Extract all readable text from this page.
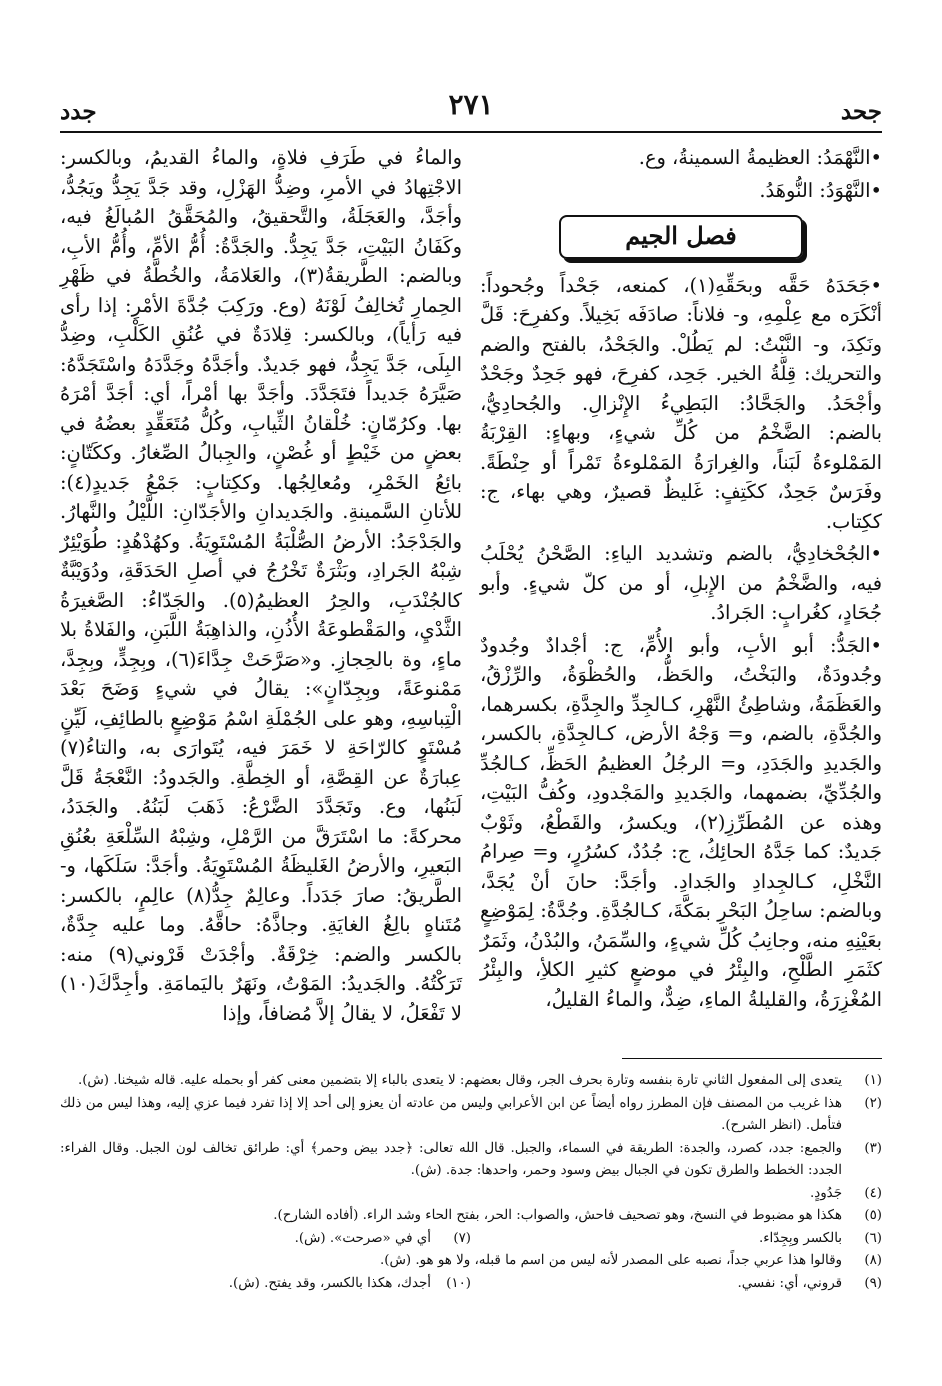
جحد
٢٧١
جدد
•النَّهْمَدُ: العظيمةُ السمينةُ، وع.
•النَّهْوَدُ: النُّوهَدُ.
فصل الجيم
•جَحَدَهُ حَقَّه وبحَقِّهِ(١)، كمنعه، جَحْداً وجُحوداً: أنْكَرَه مع عِلْمِهِ، و- فلاناً: صادَفَه بَخِيلاً. وكفرِحَ: قَلَّ ونَكِدَ، و- النَّبْتُ: لم يَطُلْ. والجَحْدُ، بالفتح والضم والتحريك: قِلَّةُ الخير. جَحِد، كفرِحَ، فهو جَحِدٌ وجَحْدٌ وأجْحَدُ. والجَحَّادُ: البَطِيءُ الإِنْزالِ. والجُحادِيُّ، بالضم: الضَّخْمُ من كُلِّ شيءٍ، وبهاءٍ: القِرْبَةُ المَمْلوءةُ لَبَناً، والغِرارَةُ المَمْلوءةُ تَمْراً أو حِنْطَةً. وفَرَسٌ جَحِدٌ، ككَتِفٍ: غَليظٌ قصيرٌ، وهي بهاء، ج: ككِتاب.
•الجُحْخادِيُّ، بالضم وتشديد الياءِ: الصَّحْنُ يُحْلَبُ فيه، والضَّخْمُ من الإِبلِ، أو من كلّ شيءٍ. وأبو جُحَادٍ، كغُرابٍ: الجَرادُ.
•الجَدُّ: أبو الأبِ، وأبو الأُمِّ، ج: أجْدادٌ وجُدودٌ وجُدودَةٌ، والبَخْتُ، والحَظُّ، والحُظْوَةُ، والرِّزْقُ، والعَظَمَةُ، وشاطِئُ النَّهْرِ، كـالجِدِّ والجِدَّةِ، بكسرهما، والجُدَّةِ، بالضم، و= وَجْهُ الأرض، كـالجِدَّةِ، بالكسر، والجَديدِ والجَدَدِ، و= الرجُلُ العظيمُ الحَظِّ، كـالجُدِّ والجُدِّيِّ، بضمهما، والجَديدِ والمَجْدودِ، وكُفُّ البَيْتِ، وهذه عن المُطَرِّزِ(٢)، ويكسرُ، والقَطْعُ، وثَوْبٌ جَديدٌ: كما جَدَّهُ الحائِكُ، ج: جُدُدٌ، كسُرُرٍ، و= صِرامُ النَّخْلِ، كـالجِدادِ والجَدادِ. وأجَدَّ: حانَ أنْ يُجَدَّ، وبالضم: ساحِلُ البَحْرِ بمَكَّةَ، كـالجُدَّةِ. وجُدَّةُ: لِمَوْضِعٍ بعَيْنِهِ منه، وجانِبُ كُلِّ شيءٍ، والسِّمَنُ، والبُدْنُ، وثَمَرٌ كثَمَرِ الطَّلْحِ، والبِئْرُ في موضعٍ كثيرِ الكلأِ، والبِئْرُ المُغْزِرَةُ، والقليلةُ الماءِ، ضِدٌّ، والماءُ القليلُ،
والماءُ في طَرَفِ فلاةٍ، والماءُ القديمُ، وبالكسر: الاجْتِهادُ في الأمرِ، وضِدُّ الهَزْلِ، وقد جَدَّ يَجِدُّ ويَجُدُّ، وأجَدَّ، والعَجَلَةُ، والتَّحقيقُ، والمُحَقَّقُ المُبالَغُ فيه، وكَفَانُ البَيْتِ، جَدَّ يَجِدُّ. والجَدَّةُ: أُمُّ الأمِّ، وأُمُّ الأبِ، وبالضم: الطَّريقةُ(٣)، والعَلامَةُ، والخُطَّةُ في ظَهْرِ الحِمارِ تُخالِفُ لَوْنَهُ (وع. ورَكِبَ جُدَّةَ الأمْرِ: إذا رأى فيه رَأياً)، وبالكسر: قِلادَةٌ في عُنُقِ الكَلْبِ، وضِدُّ البِلَى، جَدَّ يَجِدُّ، فهو جَديدٌ. وأجَدَّهُ وجَدَّدَهُ واسْتَجَدَّهُ: صَيَّرَهُ جَديداً فتَجَدَّدَ. وأجَدَّ بها أمْراً، أي: أجَدَّ أمْرَهُ بها. وكرُمّانٍ: خُلْقانُ الثِّيابِ، وكُلُّ مُتَعَقِّدٍ بعضُهُ في بعضٍ من خَيْطٍ أو غُصْنٍ، والجِبالُ الصِّغارُ. وككَتّانٍ: بائِعُ الخَمْرِ، ومُعالِجُها. وككِتابٍ: جَمْعُ جَديدٍ(٤): للأتانِ السَّمينةِ. والجَديدانِ والأجَدّانِ: اللَّيْلُ والنَّهارُ. والجَدْجَدُ: الأرضُ الصُّلْبَةُ المُسْتَوِيَةُ. وكهُدْهُدٍ: طُوَيْئِرٌ شِبْهُ الجَرادِ، وبَثْرَةٌ تَخْرُجُ في أصلِ الحَدَقَةِ، ودُوَيْبَّةٌ كالجُنْدَبِ، والحِرُ العظيمُ(٥). والجَدّاءُ: الصَّغيرَةُ الثَّدْيِ، والمَقْطوعَةُ الأُذُنِ، والذاهِبَةُ اللَّبَنِ، والفَلاةُ بلا ماءٍ، وة بالحِجازِ. و«صَرَّحَتْ جِدَّاءَ(٦)، وبِجِدٍّ، وبِجِدَّ، مَمْنوعَةً، وبِجِدّانٍ»: يقالُ في شيءٍ وَضَحَ بَعْدَ الْتِباسِهِ، وهو على الجُمْلَةِ اسْمُ مَوْضِعٍ بالطائِفِ، لَيِّنٍ مُسْتَوٍ كالرّاحَةِ لا خَمَرَ فيه، يُتَوارَى به، والتاءُ(٧) عِبارَةٌ عن القِصَّةِ، أو الخِطَّةِ. والجَدودُ: النَّعْجَةُ قَلَّ لَبَنُها، وع. وتَجَدَّدَ الضَّرْعُ: ذَهَبَ لَبَنُهُ. والجَدَدُ، محركةً: ما اسْتَرَقَّ من الرَّمْلِ، وشِبْهُ السِّلْعَةِ بعُنُقِ البَعيرِ، والأرضُ الغَليظَةُ المُسْتَوِيَةُ. وأجَدَّ: سَلَكَها، و- الطَّريقُ: صارَ جَدَداً. وعالِمٌ جِدُّ(٨) عالِمٍ، بالكسر: مُتَناهٍ بالِغُ الغايَةِ. وجاذَّهُ: حاقَّهُ. وما عليه جِدَّةٌ، بالكسر والضم: خِرْقَةٌ. وأجْدَتْ قَرْوني(٩) منه: تَرَكْتُهُ. والجَديدُ: المَوْتُ، ونَهَرٌ باليَمامَةِ. وأجِدَّكَ(١٠) لا تَفْعَلُ، لا يقالُ إلاَّ مُضافاً، وإذا
(١)
يتعدى إلى المفعول الثاني تارة بنفسه وتارة بحرف الجر، وقال بعضهم: لا يتعدى بالباء إلا بتضمين معنى كفر أو بحمله عليه. قاله شيخنا. (ش).
(٢)
هذا غريب من المصنف فإن المطرز رواه أيضاً عن ابن الأعرابي وليس من عادته أن يعزو إلى أحد إلا إذا تفرد فيما عزي إليه، وهذا ليس من ذلك فتأمل. (انظر الشرح).
(٣)
والجمع: جدد، كصرد، والجدة: الطريقة في السماء، والجبل. قال الله تعالى: ﴿جدد بيض وحمر﴾ أي: طرائق تخالف لون الجبل. وقال الفراء: الجدد: الخطط والطرق تكون في الجبال بيض وسود وحمر، واحدها: جدة. (ش).
(٤)
جَدُودٍ.
(٥)
هكذا هو مضبوط في النسخ، وهو تصحيف فاحش، والصواب: الحر، بفتح الحاء وشد الراء. (أفاده الشارح).
(٦)
بالكسر وبِجِدّاء.
(٧)
أي في «صرحت». (ش).
(٨)
وقالوا هذا عربي جداً، نصبه على المصدر لأنه ليس من اسم ما قبله، ولا هو هو. (ش).
(٩)
قروني، أي: نفسي.
(١٠)
أجدك، هكذا بالكسر، وقد يفتح. (ش).
